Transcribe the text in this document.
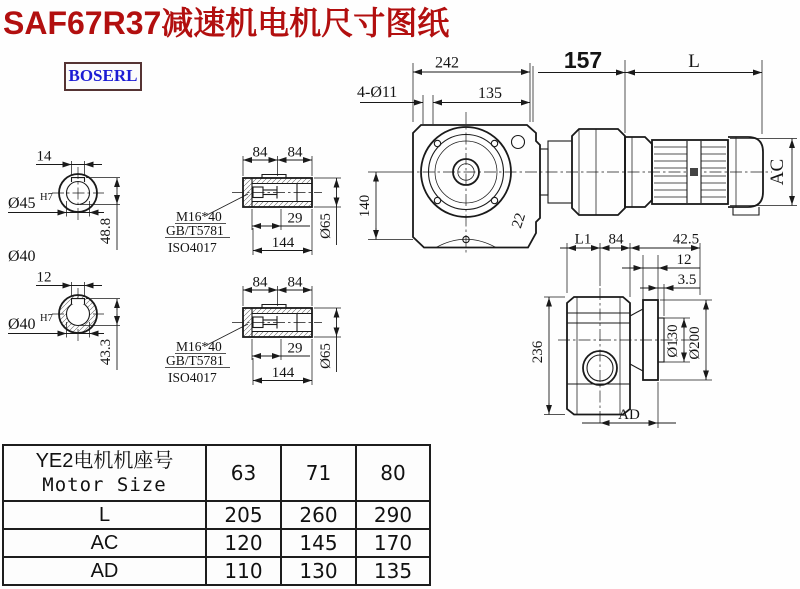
SAF67R37减速机电机尺寸图纸
BOSERL
14
Ø45 H7
48.8
Ø40
12
Ø40 H7
43.3
84 84
29
144
Ø65
M16*40
GB/T5781
ISO4017
84 84
29
144
Ø65
M16*40
GB/T5781
ISO4017
22
242
4-Ø11	135
157	L
140
AC
L1 84	42.5
12
3.5
236	Ø130 Ø200
AD
YE2电机机座号
Motor Size	63	71	80
L	205	260	290
AC	120	145	170
AD	110	130	135
